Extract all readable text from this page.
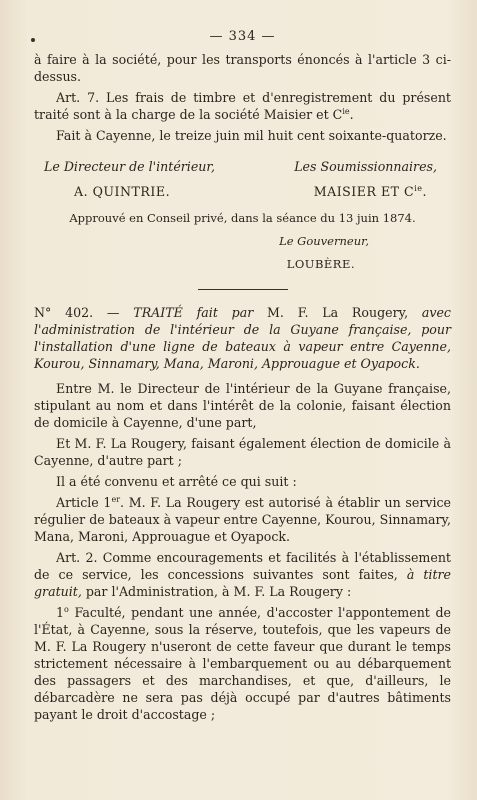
— 334 —

à faire à la société, pour les transports énoncés à l'article 3 ci-dessus.

Art. 7. Les frais de timbre et d'enregistrement du présent traité sont à la charge de la société Maisier et $C^{ie}$.

Fait à Cayenne, le treize juin mil huit cent soixante-quatorze.

Le Directeur de l'intérieur,	Les Soumissionnaires,
A. QUINTRIE.	MAISIER ET $C^{ie}$.
Approuvé en Conseil privé, dans la séance du 13 juin 1874.
Le Gouverneur,
LOUBÈRE.

N° 402. — TRAITÉ fait par M. F. La Rougery, avec l'administration de l'intérieur de la Guyane française, pour l'installation d'une ligne de bateaux à vapeur entre Cayenne, Kourou, Sinnamary, Mana, Maroni, Approuague et Oyapock.

Entre M. le Directeur de l'intérieur de la Guyane française, stipulant au nom et dans l'intérêt de la colonie, faisant élection de domicile à Cayenne, d'une part,

Et M. F. La Rougery, faisant également élection de domicile à Cayenne, d'autre part ;

Il a été convenu et arrêté ce qui suit :

Article 1er. M. F. La Rougery est autorisé à établir un service régulier de bateaux à vapeur entre Cayenne, Kourou, Sinnamary, Mana, Maroni, Approuague et Oyapock.

Art. 2. Comme encouragements et facilités à l'établissement de ce service, les concessions suivantes sont faites, à titre gratuit, par l'Administration, à M. F. La Rougery :

1$^o$ Faculté, pendant une année, d'accoster l'appontement de l'État, à Cayenne, sous la réserve, toutefois, que les vapeurs de M. F. La Rougery n'useront de cette faveur que durant le temps strictement nécessaire à l'embarquement ou au débarquement des passagers et des marchandises, et que, d'ailleurs, le débarcadère ne sera pas déjà occupé par d'autres bâtiments payant le droit d'accostage ;
